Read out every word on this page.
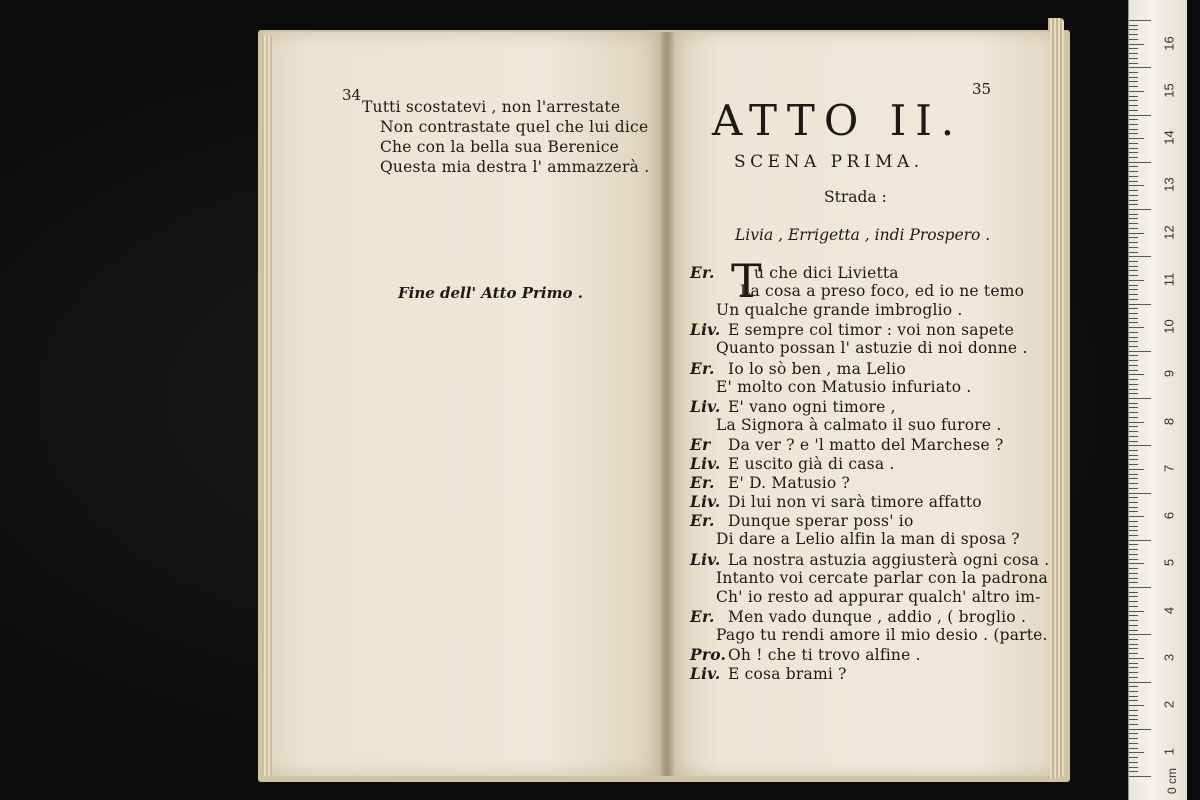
0 cm
16
15
14
13
12
11
10
9
8
7
6
5
4
3
2
1
34
Tutti scostatevi , non l'arrestate
Non contrastate quel che lui dice
Che con la bella sua Berenice
Questa mia destra l' ammazzerà .
Fine dell' Atto Primo .
35
ATTO II.
SCENA PRIMA.
Strada :
Livia , Errigetta , indi Prospero .
T
Er.	u che dici Livietta
La cosa a preso foco, ed io ne temo
Un qualche grande imbroglio .
Liv. E sempre col timor : voi non sapete
Quanto possan l' astuzie di noi donne .
Er. Io lo sò ben , ma Lelio
E' molto con Matusio infuriato .
Liv. E' vano ogni timore ,
La Signora à calmato il suo furore .
Er Da ver ? e 'l matto del Marchese ?
Liv. E uscito già di casa .
Er. E' D. Matusio ?
Liv. Di lui non vi sarà timore affatto
Er. Dunque sperar poss' io
Di dare a Lelio alfin la man di sposa ?
Liv. La nostra astuzia aggiusterà ogni cosa .
Intanto voi cercate parlar con la padrona
Ch' io resto ad appurar qualch' altro im-
Er. Men vado dunque , addio , ( broglio .
Pago tu rendi amore il mio desio . (parte.
Pro. Oh ! che ti trovo alfine .
Liv. E cosa brami ?
